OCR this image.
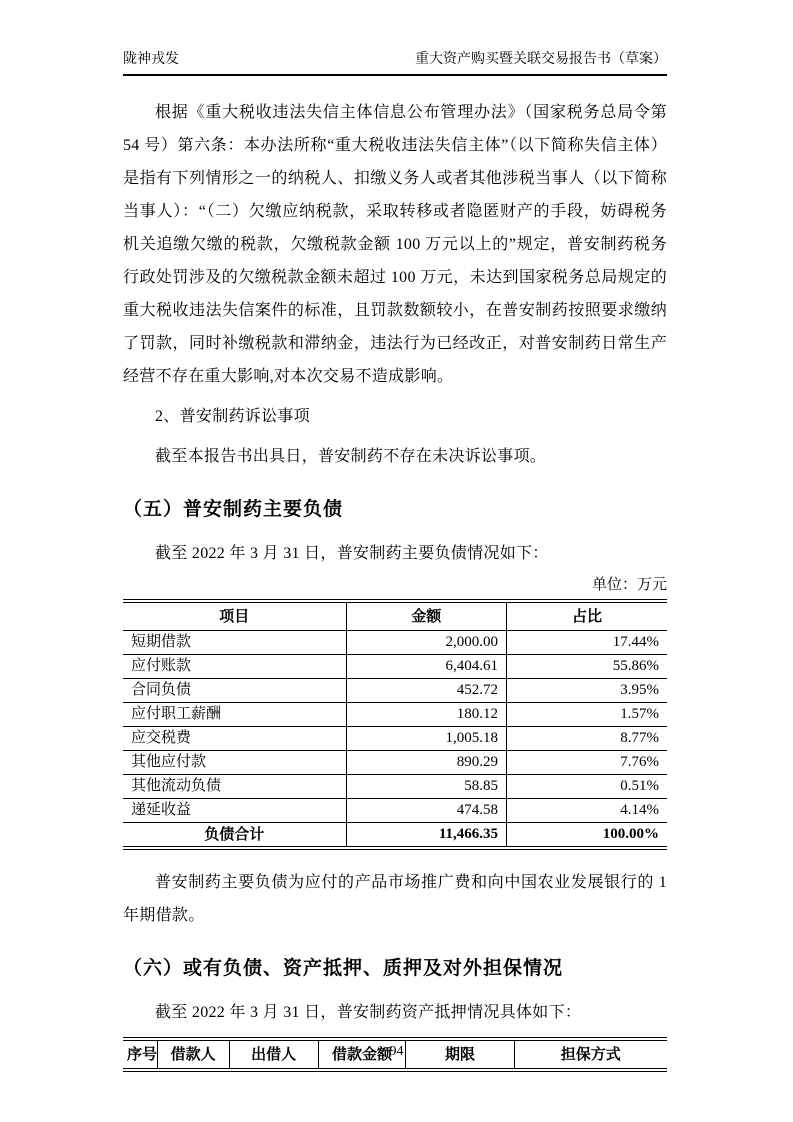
陇神戎发	重大资产购买暨关联交易报告书（草案）

根据《重大税收违法失信主体信息公布管理办法》（国家税务总局令第 54 号）第六条：本办法所称“重大税收违法失信主体”（以下简称失信主体）是指有下列情形之一的纳税人、扣缴义务人或者其他涉税当事人（以下简称当事人）：“（二）欠缴应纳税款，采取转移或者隐匿财产的手段，妨碍税务机关追缴欠缴的税款，欠缴税款金额 100 万元以上的”规定，普安制药税务行政处罚涉及的欠缴税款金额未超过 100 万元，未达到国家税务总局规定的重大税收违法失信案件的标准，且罚款数额较小，在普安制药按照要求缴纳了罚款，同时补缴税款和滞纳金，违法行为已经改正，对普安制药日常生产经营不存在重大影响,对本次交易不造成影响。

2、普安制药诉讼事项

截至本报告书出具日，普安制药不存在未决诉讼事项。

（五）普安制药主要负债

截至 2022 年 3 月 31 日，普安制药主要负债情况如下：

单位：万元
项目	金额	占比
短期借款	2,000.00	17.44%
应付账款	6,404.61	55.86%
合同负债	452.72	3.95%
应付职工薪酬	180.12	1.57%
应交税费	1,005.18	8.77%
其他应付款	890.29	7.76%
其他流动负债	58.85	0.51%
递延收益	474.58	4.14%
负债合计	11,466.35	100.00%

普安制药主要负债为应付的产品市场推广费和向中国农业发展银行的 1 年期借款。

（六）或有负债、资产抵押、质押及对外担保情况

截至 2022 年 3 月 31 日，普安制药资产抵押情况具体如下：

序号	借款人	出借人	借款金额	期限	担保方式
94
